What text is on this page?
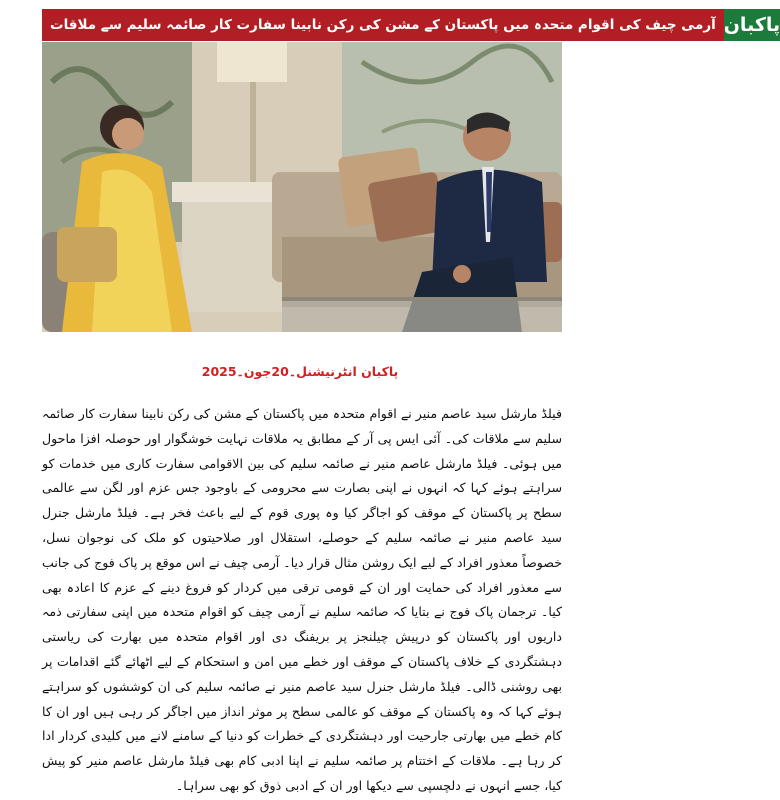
آرمی چیف کی اقوام متحدہ میں پاکستان کے مشن کی رکن نابینا سفارت کار صائمہ سلیم سے ملاقات پاکبان
پاکبان انٹرنیشنل۔20جون۔2025
فیلڈ مارشل سید عاصم منیر نے اقوام متحدہ میں پاکستان کے مشن کی رکن نابینا سفارت کار صائمہ سلیم سے ملاقات کی۔ آئی ایس پی آر کے مطابق یہ ملاقات نہایت خوشگوار اور حوصلہ افزا ماحول میں ہوئی۔ فیلڈ مارشل عاصم منیر نے صائمہ سلیم کی بین الاقوامی سفارت کاری میں خدمات کو سراہتے ہوئے کہا کہ انہوں نے اپنی بصارت سے محرومی کے باوجود جس عزم اور لگن سے عالمی سطح پر پاکستان کے موقف کو اجاگر کیا وہ پوری قوم کے لیے باعث فخر ہے۔ فیلڈ مارشل جنرل سید عاصم منیر نے صائمہ سلیم کے حوصلے، استقلال اور صلاحیتوں کو ملک کی نوجوان نسل، خصوصاً معذور افراد کے لیے ایک روشن مثال قرار دیا۔ آرمی چیف نے اس موقع پر پاک فوج کی جانب سے معذور افراد کی حمایت اور ان کے قومی ترقی میں کردار کو فروغ دینے کے عزم کا اعادہ بھی کیا۔ ترجمان پاک فوج نے بتایا کہ صائمہ سلیم نے آرمی چیف کو اقوام متحدہ میں اپنی سفارتی ذمہ داریوں اور پاکستان کو درپیش چیلنجز پر بریفنگ دی اور اقوام متحدہ میں بھارت کی ریاستی دہشتگردی کے خلاف پاکستان کے موقف اور خطے میں امن و استحکام کے لیے اٹھائے گئے اقدامات پر بھی روشنی ڈالی۔ فیلڈ مارشل جنرل سید عاصم منیر نے صائمہ سلیم کی ان کوششوں کو سراہتے ہوئے کہا کہ وہ پاکستان کے موقف کو عالمی سطح پر موثر انداز میں اجاگر کر رہی ہیں اور ان کا کام خطے میں بھارتی جارحیت اور دہشتگردی کے خطرات کو دنیا کے سامنے لانے میں کلیدی کردار ادا کر رہا ہے۔ ملاقات کے اختتام پر صائمہ سلیم نے اپنا ادبی کام بھی فیلڈ مارشل عاصم منیر کو پیش کیا، جسے انہوں نے دلچسپی سے دیکھا اور ان کے ادبی ذوق کو بھی سراہا۔
